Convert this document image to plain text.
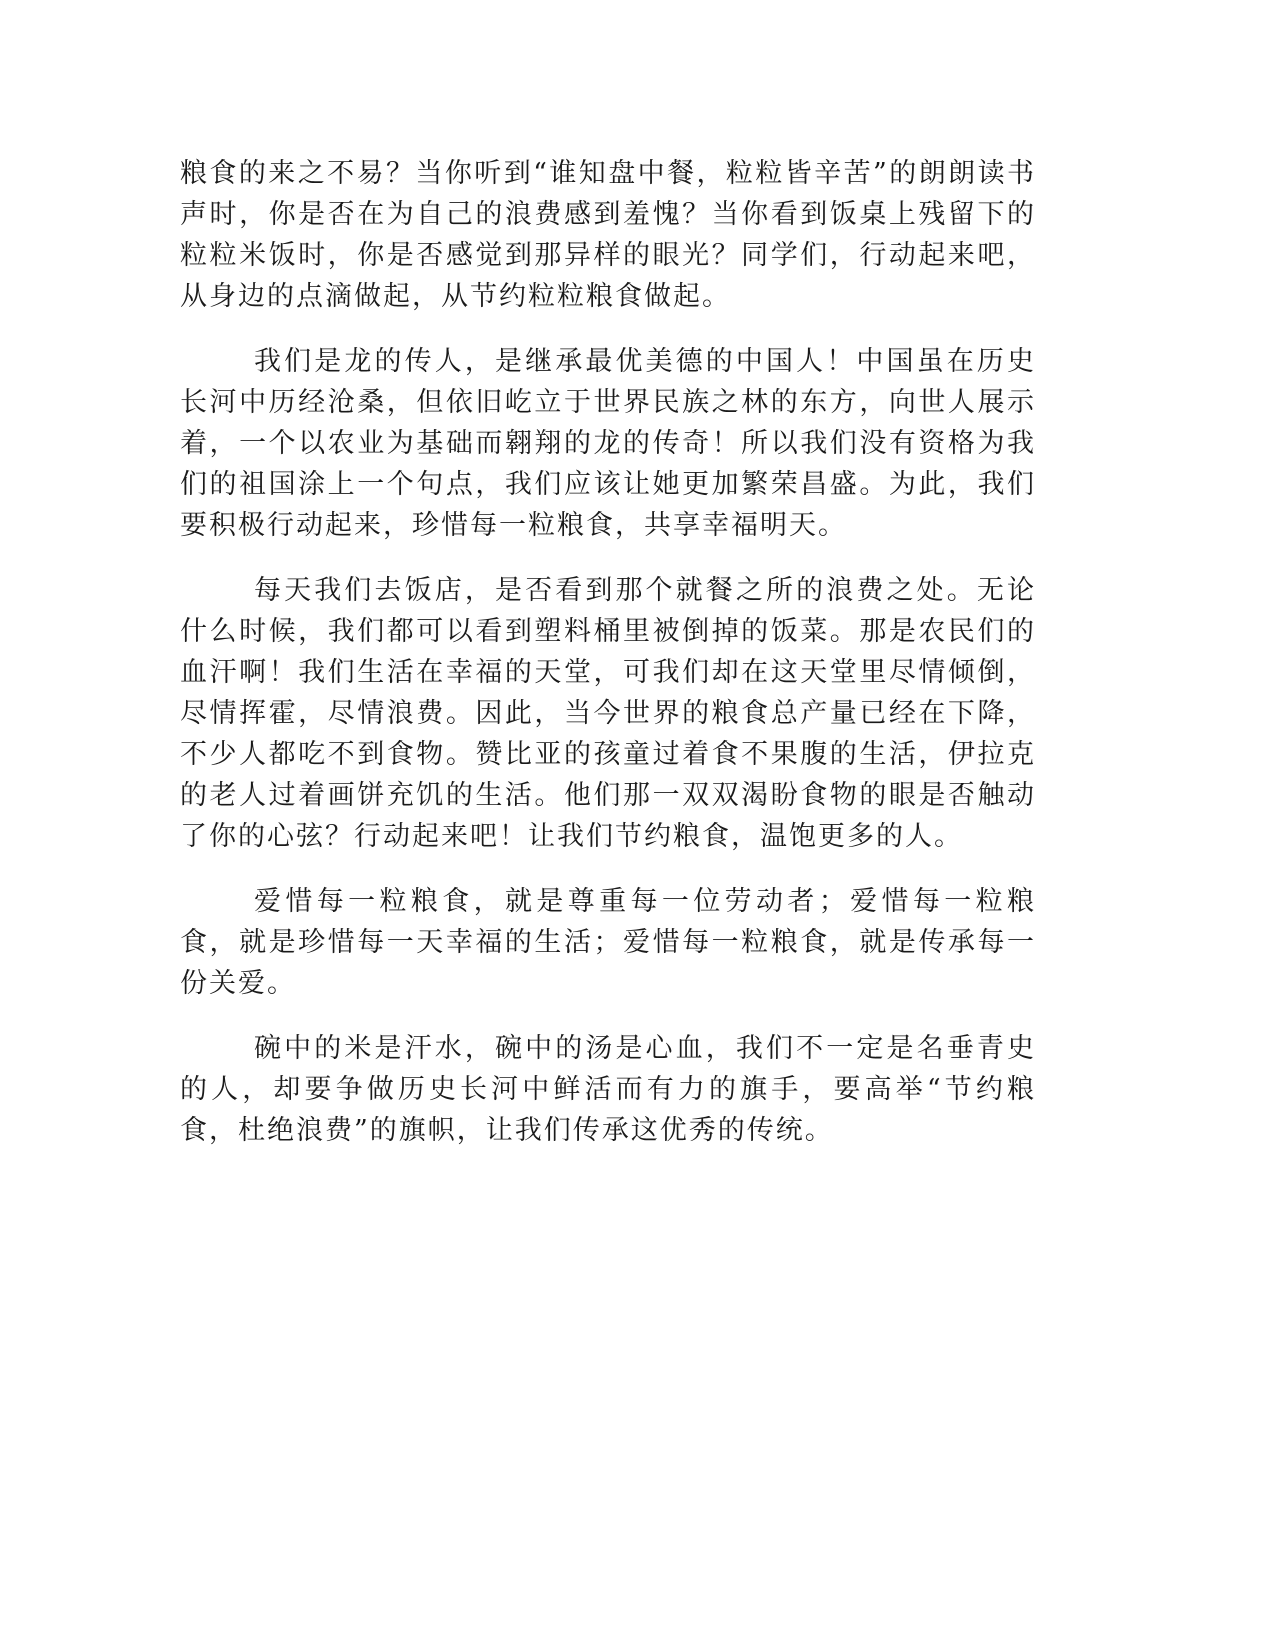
粮食的来之不易？当你听到“谁知盘中餐，粒粒皆辛苦”的朗朗读书声时，你是否在为自己的浪费感到羞愧？当你看到饭桌上残留下的粒粒米饭时，你是否感觉到那异样的眼光？同学们，行动起来吧，从身边的点滴做起，从节约粒粒粮食做起。

我们是龙的传人，是继承最优美德的中国人！中国虽在历史长河中历经沧桑，但依旧屹立于世界民族之林的东方，向世人展示着，一个以农业为基础而翱翔的龙的传奇！所以我们没有资格为我们的祖国涂上一个句点，我们应该让她更加繁荣昌盛。为此，我们要积极行动起来，珍惜每一粒粮食，共享幸福明天。

每天我们去饭店，是否看到那个就餐之所的浪费之处。无论什么时候，我们都可以看到塑料桶里被倒掉的饭菜。那是农民们的血汗啊！我们生活在幸福的天堂，可我们却在这天堂里尽情倾倒，尽情挥霍，尽情浪费。因此，当今世界的粮食总产量已经在下降，不少人都吃不到食物。赞比亚的孩童过着食不果腹的生活，伊拉克的老人过着画饼充饥的生活。他们那一双双渴盼食物的眼是否触动了你的心弦？行动起来吧！让我们节约粮食，温饱更多的人。

爱惜每一粒粮食，就是尊重每一位劳动者；爱惜每一粒粮食，就是珍惜每一天幸福的生活；爱惜每一粒粮食，就是传承每一份关爱。

碗中的米是汗水，碗中的汤是心血，我们不一定是名垂青史的人，却要争做历史长河中鲜活而有力的旗手，要高举“节约粮食，杜绝浪费”的旗帜，让我们传承这优秀的传统。
